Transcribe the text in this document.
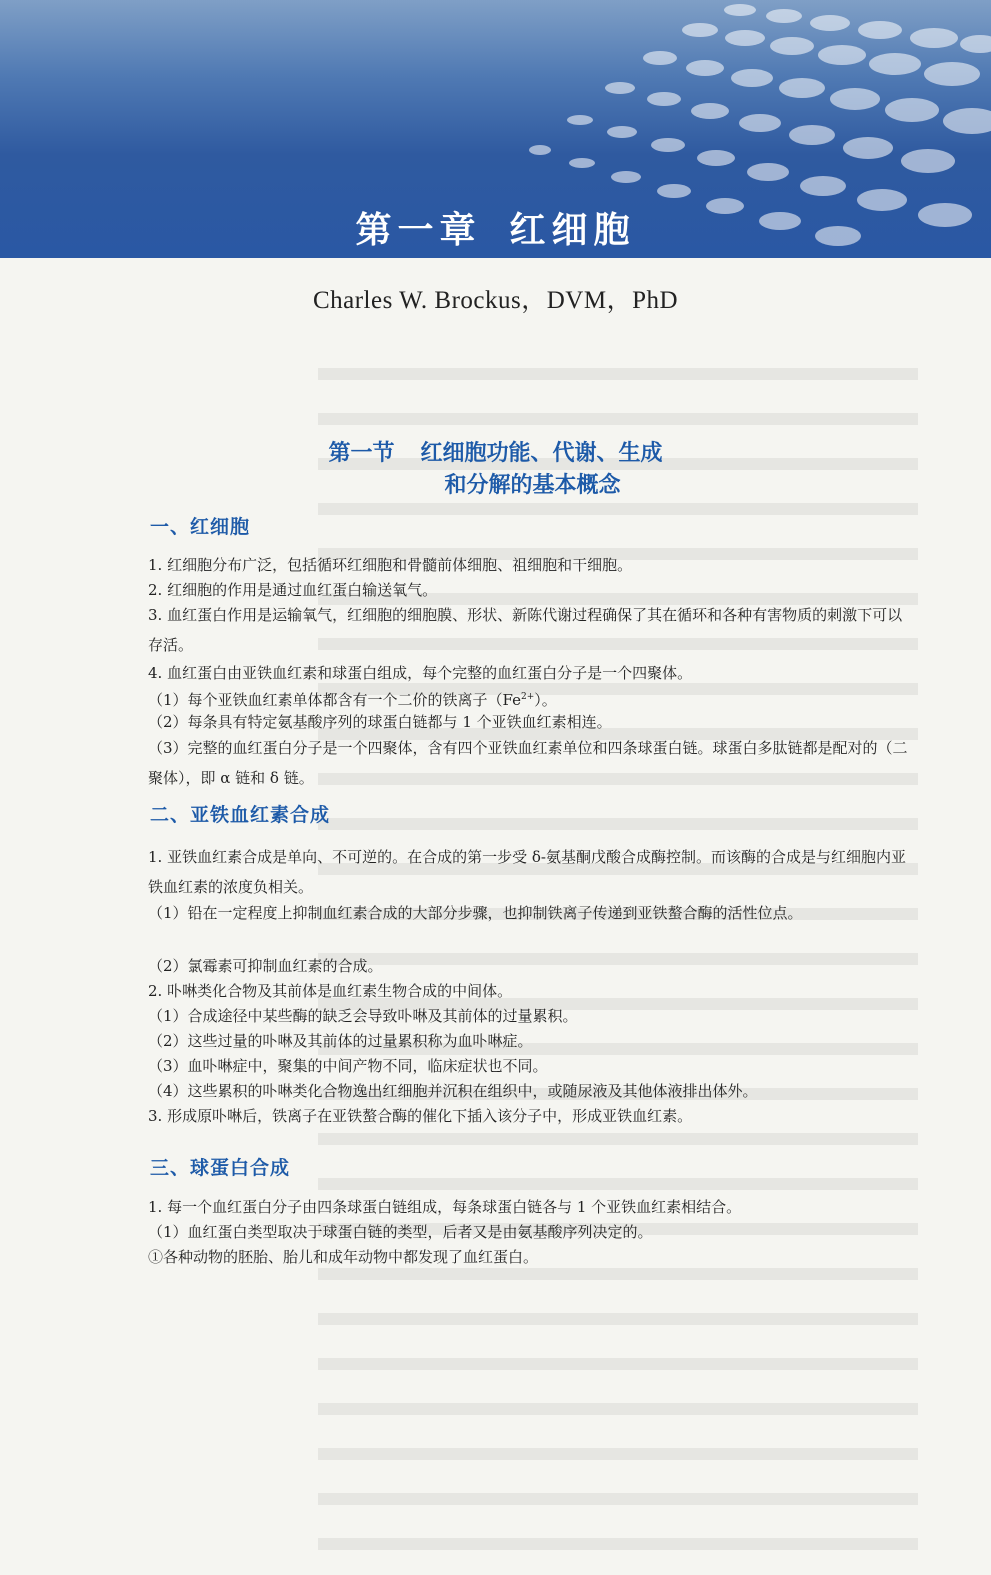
第一章 红细胞

Charles W. Brockus，DVM，PhD

第一节 红细胞功能、代谢、生成
和分解的基本概念
一、红细胞

1. 红细胞分布广泛，包括循环红细胞和骨髓前体细胞、祖细胞和干细胞。

2. 红细胞的作用是通过血红蛋白输送氧气。

3. 血红蛋白作用是运输氧气，红细胞的细胞膜、形状、新陈代谢过程确保了其在循环和各种有害物质的刺激下可以存活。

4. 血红蛋白由亚铁血红素和球蛋白组成，每个完整的血红蛋白分子是一个四聚体。

（1）每个亚铁血红素单体都含有一个二价的铁离子$(Fe^{2+})$。

（2）每条具有特定氨基酸序列的球蛋白链都与 1 个亚铁血红素相连。

（3）完整的血红蛋白分子是一个四聚体，含有四个亚铁血红素单位和四条球蛋白链。球蛋白多肽链都是配对的（二聚体），即 α 链和 δ 链。

二、亚铁血红素合成

1. 亚铁血红素合成是单向、不可逆的。在合成的第一步受 δ-氨基酮戊酸合成酶控制。而该酶的合成是与红细胞内亚铁血红素的浓度负相关。

（1）铅在一定程度上抑制血红素合成的大部分步骤，也抑制铁离子传递到亚铁螯合酶的活性位点。

（2）氯霉素可抑制血红素的合成。

2. 卟啉类化合物及其前体是血红素生物合成的中间体。

（1）合成途径中某些酶的缺乏会导致卟啉及其前体的过量累积。

（2）这些过量的卟啉及其前体的过量累积称为血卟啉症。

（3）血卟啉症中，聚集的中间产物不同，临床症状也不同。

（4）这些累积的卟啉类化合物逸出红细胞并沉积在组织中，或随尿液及其他体液排出体外。

3. 形成原卟啉后，铁离子在亚铁螯合酶的催化下插入该分子中，形成亚铁血红素。

三、球蛋白合成

1. 每一个血红蛋白分子由四条球蛋白链组成，每条球蛋白链各与 1 个亚铁血红素相结合。

（1）血红蛋白类型取决于球蛋白链的类型，后者又是由氨基酸序列决定的。

①各种动物的胚胎、胎儿和成年动物中都发现了血红蛋白。
